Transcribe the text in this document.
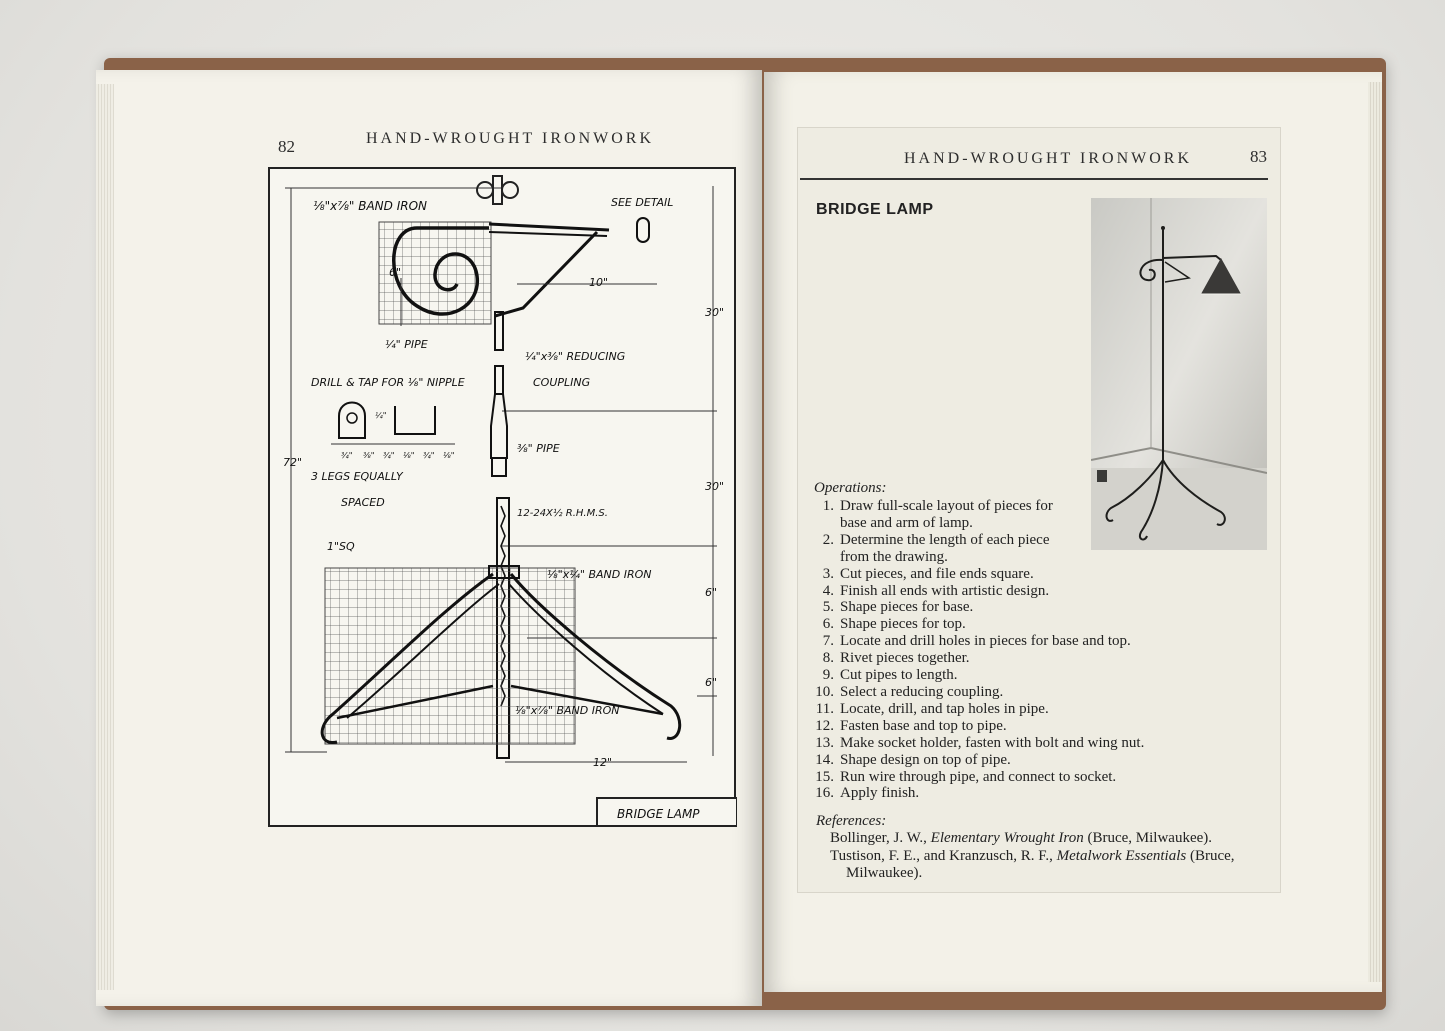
82	HAND-WROUGHT IRONWORK
BRIDGE LAMP
⅛"x⅞" BAND IRON	SEE DETAIL
6"
10"
30"
¼" PIPE
¼"x⅜" REDUCING
COUPLING
DRILL & TAP FOR ⅛" NIPPLE
72"
⅜" PIPE
3 LEGS EQUALLY
SPACED
30"
12-24X½ R.H.M.S.
1"SQ
⅛"x¼" BAND IRON
6"
6"
⅛"x⅞" BAND IRON
12"
¾" ⅜" ¾" ⅛" ¾" ⅛"
¼"
HAND-WROUGHT IRONWORK	83
BRIDGE LAMP
Operations:
1. Draw full-scale layout of pieces for
base and arm of lamp.
2. Determine the length of each piece
from the drawing.
3. Cut pieces, and file ends square.
4. Finish all ends with artistic design.
5. Shape pieces for base.
6. Shape pieces for top.
7. Locate and drill holes in pieces for base and top.
8. Rivet pieces together.
9. Cut pipes to length.
10. Select a reducing coupling.
11. Locate, drill, and tap holes in pipe.
12. Fasten base and top to pipe.
13. Make socket holder, fasten with bolt and wing nut.
14. Shape design on top of pipe.
15. Run wire through pipe, and connect to socket.
16. Apply finish.
References:
Bollinger, J. W., Elementary Wrought Iron (Bruce, Milwaukee).
Tustison, F. E., and Kranzusch, R. F., Metalwork Essentials (Bruce, Milwaukee).
